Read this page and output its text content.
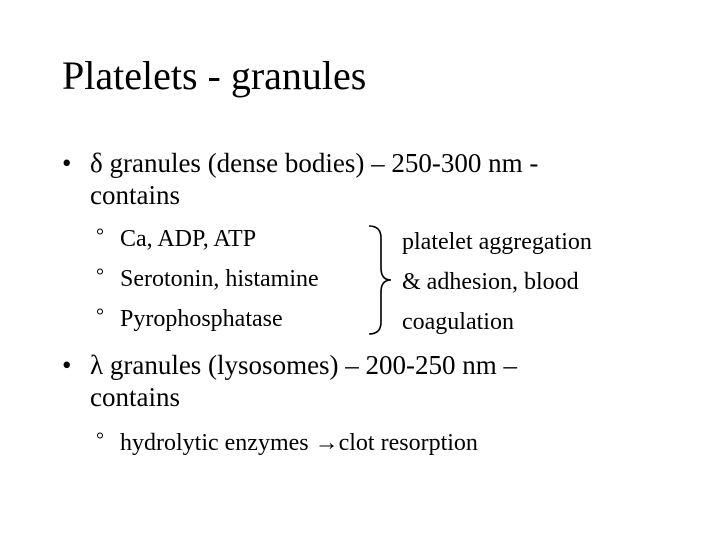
Platelets - granules
• δ granules (dense bodies) – 250-300 nm -
contains
° Ca, ADP, ATP
° Serotonin, histamine
° Pyrophosphatase
platelet aggregation
& adhesion, blood
coagulation
• λ granules (lysosomes) – 200-250 nm –
contains
° hydrolytic enzymes →clot resorption
